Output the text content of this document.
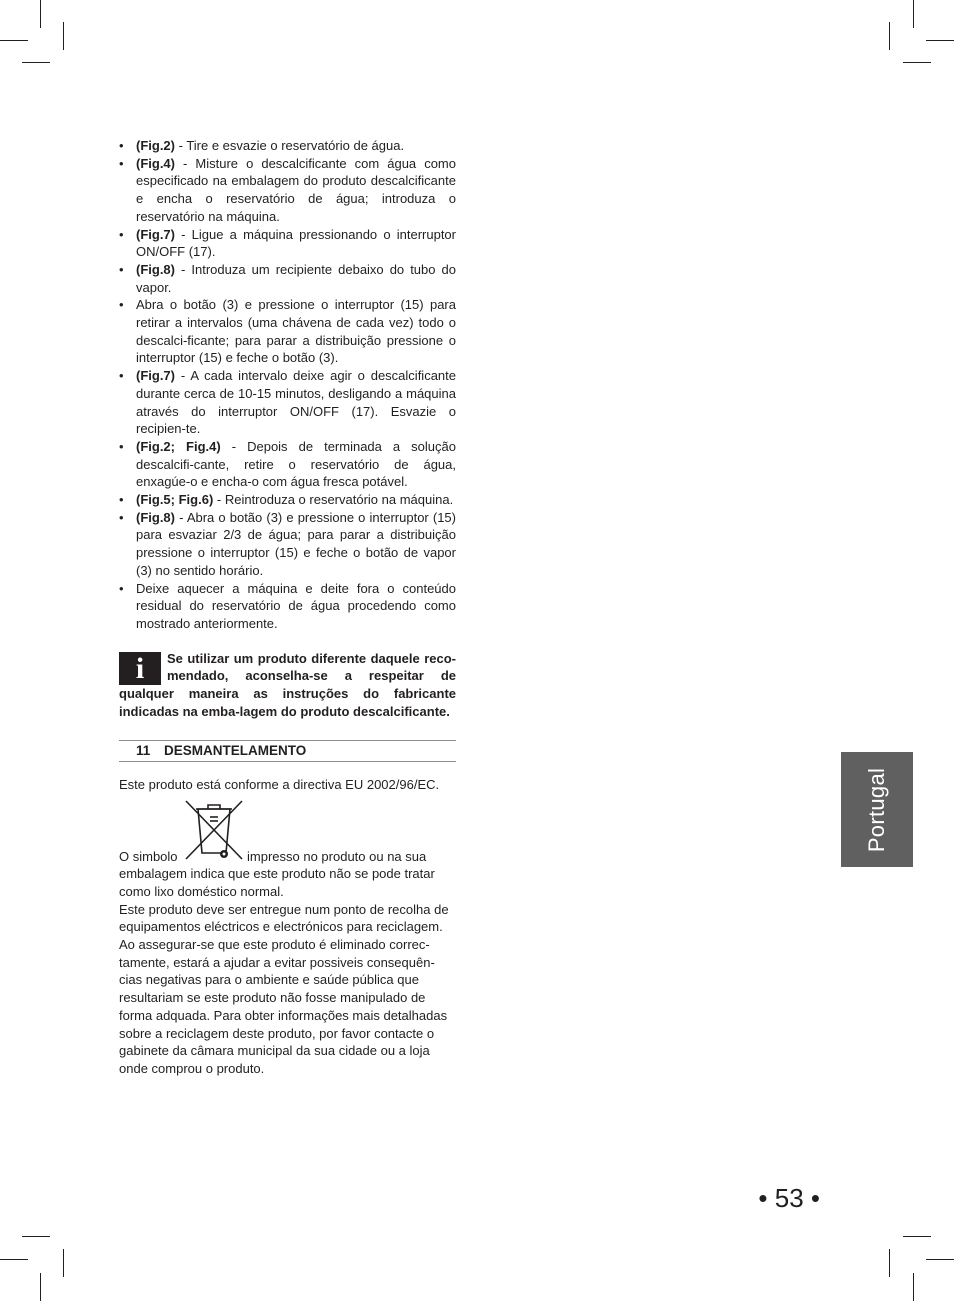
• (Fig.2) - Tire e esvazie o reservatório de água.
• (Fig.4) - Misture o descalcificante com água como especificado na embalagem do produto descalcificante e encha o reservatório de água; introduza o reservatório na máquina.
• (Fig.7) - Ligue a máquina pressionando o interruptor ON/OFF (17).
• (Fig.8) - Introduza um recipiente debaixo do tubo do vapor.
• Abra o botão (3) e pressione o interruptor (15) para retirar a intervalos (uma chávena de cada vez) todo o descalci-ficante; para parar a distribuição pressione o interruptor (15) e feche o botão (3).
• (Fig.7) - A cada intervalo deixe agir o descalcificante durante cerca de 10-15 minutos, desligando a máquina através do interruptor ON/OFF (17). Esvazie o recipien-te.
• (Fig.2; Fig.4) - Depois de terminada a solução descalcifi-cante, retire o reservatório de água, enxagúe-o e encha-o com água fresca potável.
• (Fig.5; Fig.6) - Reintroduza o reservatório na máquina.
• (Fig.8) - Abra o botão (3) e pressione o interruptor (15) para esvaziar 2/3 de água; para parar a distribuição pressione o interruptor (15) e feche o botão de vapor (3) no sentido horário.
• Deixe aquecer a máquina e deite fora o conteúdo residual do reservatório de água procedendo como mostrado anteriormente.
i	Se utilizar um produto diferente daquele reco-mendado, aconselha-se a respeitar de qualquer maneira as instruções do fabricante indicadas na emba-lagem do produto descalcificante.
11 DESMANTELAMENTO

Este produto está conforme a directiva EU 2002/96/EC.

O simbolo	impresso no produto ou na sua

embalagem indica que este produto não se pode tratar como lixo doméstico normal.

Este produto deve ser entregue num ponto de recolha de equipamentos eléctricos e electrónicos para reciclagem. Ao assegurar-se que este produto é eliminado correc-tamente, estará a ajudar a evitar possiveis consequên-cias negativas para o ambiente e saúde pública que resultariam se este produto não fosse manipulado de forma adquada. Para obter informações mais detalhadas sobre a reciclagem deste produto, por favor contacte o gabinete da câmara municipal da sua cidade ou a loja onde comprou o produto.

Portugal
• 53 •
